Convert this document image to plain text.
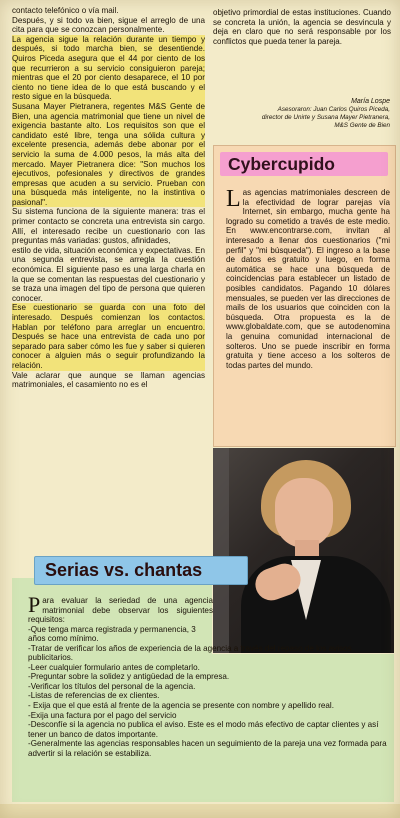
contacto telefónico o vía mail.

Después, y si todo va bien, sigue el arreglo de una cita para que se conozcan personalmente.

La agencia sigue la relación durante un tiempo y después, si todo marcha bien, se desentiende. Quiros Piceda asegura que el 44 por ciento de los que recurrieron a su servicio consiguieron pareja; mientras que el 20 por ciento desaparece, el 10 por ciento no tiene idea de lo que está buscando y el resto sigue en la búsqueda.

Susana Mayer Pietranera, regentes M&S Gente de Bien, una agencia matrimonial que tiene un nivel de exigencia bastante alto. Los requisitos son que el candidato esté libre, tenga una sólida cultura y excelente presencia, además debe abonar por el servicio la suma de 4.000 pesos, la más alta del mercado. Mayer Pietranera dice: "Son muchos los ejecutivos, pofesionales y directivos de grandes empresas que acuden a su servicio. Prueban con una búsqueda más inteligente, no la instintiva o pasional".

Su sistema funciona de la siguiente manera: tras el primer contacto se concreta una entrevista sin cargo. Allí, el interesado recibe un cuestionario con las preguntas más variadas: gustos, afinidades,

estilo de vida, situación económica y expectativas. En una segunda entrevista, se arregla la cuestión económica. El siguiente paso es una larga charla en la que se comentan las respuestas del cuestionario y se traza una imagen del tipo de persona que quieren conocer.

Ese cuestionario se guarda con una foto del interesado. Después comienzan los contactos. Hablan por teléfono para arreglar un encuentro. Después se hace una entrevista de cada uno por separado para saber cómo les fue y saber si quieren conocer a alguien más o seguir profundizando la relación.

Vale aclarar que aunque se llaman agencias matrimoniales, el casamiento no es el

objetivo primordial de estas instituciones. Cuando se concreta la unión, la agencia se desvincula y deja en claro que no será responsable por los conflictos que pueda tener la pareja.

María Lospe
Asesoraron: Juan Carlos Quiros Piceda,
director de Unirte y Susana Mayer Pietranera,
M&S Gente de Bien
Cybercupido
Las agencias matrimoniales descreen de la efectividad de lograr parejas vía Internet, sin embargo, mucha gente ha logrado su cometido a través de este medio. En www.encontrarse.com, invitan al interesado a llenar dos cuestionarios ("mi perfil" y "mi búsqueda"). El ingreso a la base de datos es gratuito y luego, en forma automática se hace una búsqueda de coincidencias para establecer un listado de posibles candidatos. Pagando 10 dólares mensuales, se pueden ver las direcciones de mails de los usuarios que coinciden con la búsqueda. Otra propuesta es la de www.globaldate.com, que se autodenomina la genuina comunidad internacional de solteros. Uno se puede inscribir en forma gratuita y tiene acceso a los solteros de todas partes del mundo.
Serias vs. chantas
Para evaluar la seriedad de una agencia matrimonial debe observar los siguientes requisitos:
-Que tenga marca registrada y permanencia, 3 años como mínimo.
-Tratar de verificar los años de experiencia de la agencia a través del repaso de los avisos publicitarios.
-Leer cualquier formulario antes de completarlo.
-Preguntar sobre la solidez y antigüedad de la empresa.
-Verificar los títulos del personal de la agencia.
-Listas de referencias de ex clientes.
- Exija que el que está al frente de la agencia se presente con nombre y apellido real.
-Exija una factura por el pago del servicio
-Desconfíe si la agencia no publica el aviso. Este es el modo más efectivo de captar clientes y así tener un banco de datos importante.
-Generalmente las agencias responsables hacen un seguimiento de la pareja una vez formada para advertir si la relación se estabiliza.
